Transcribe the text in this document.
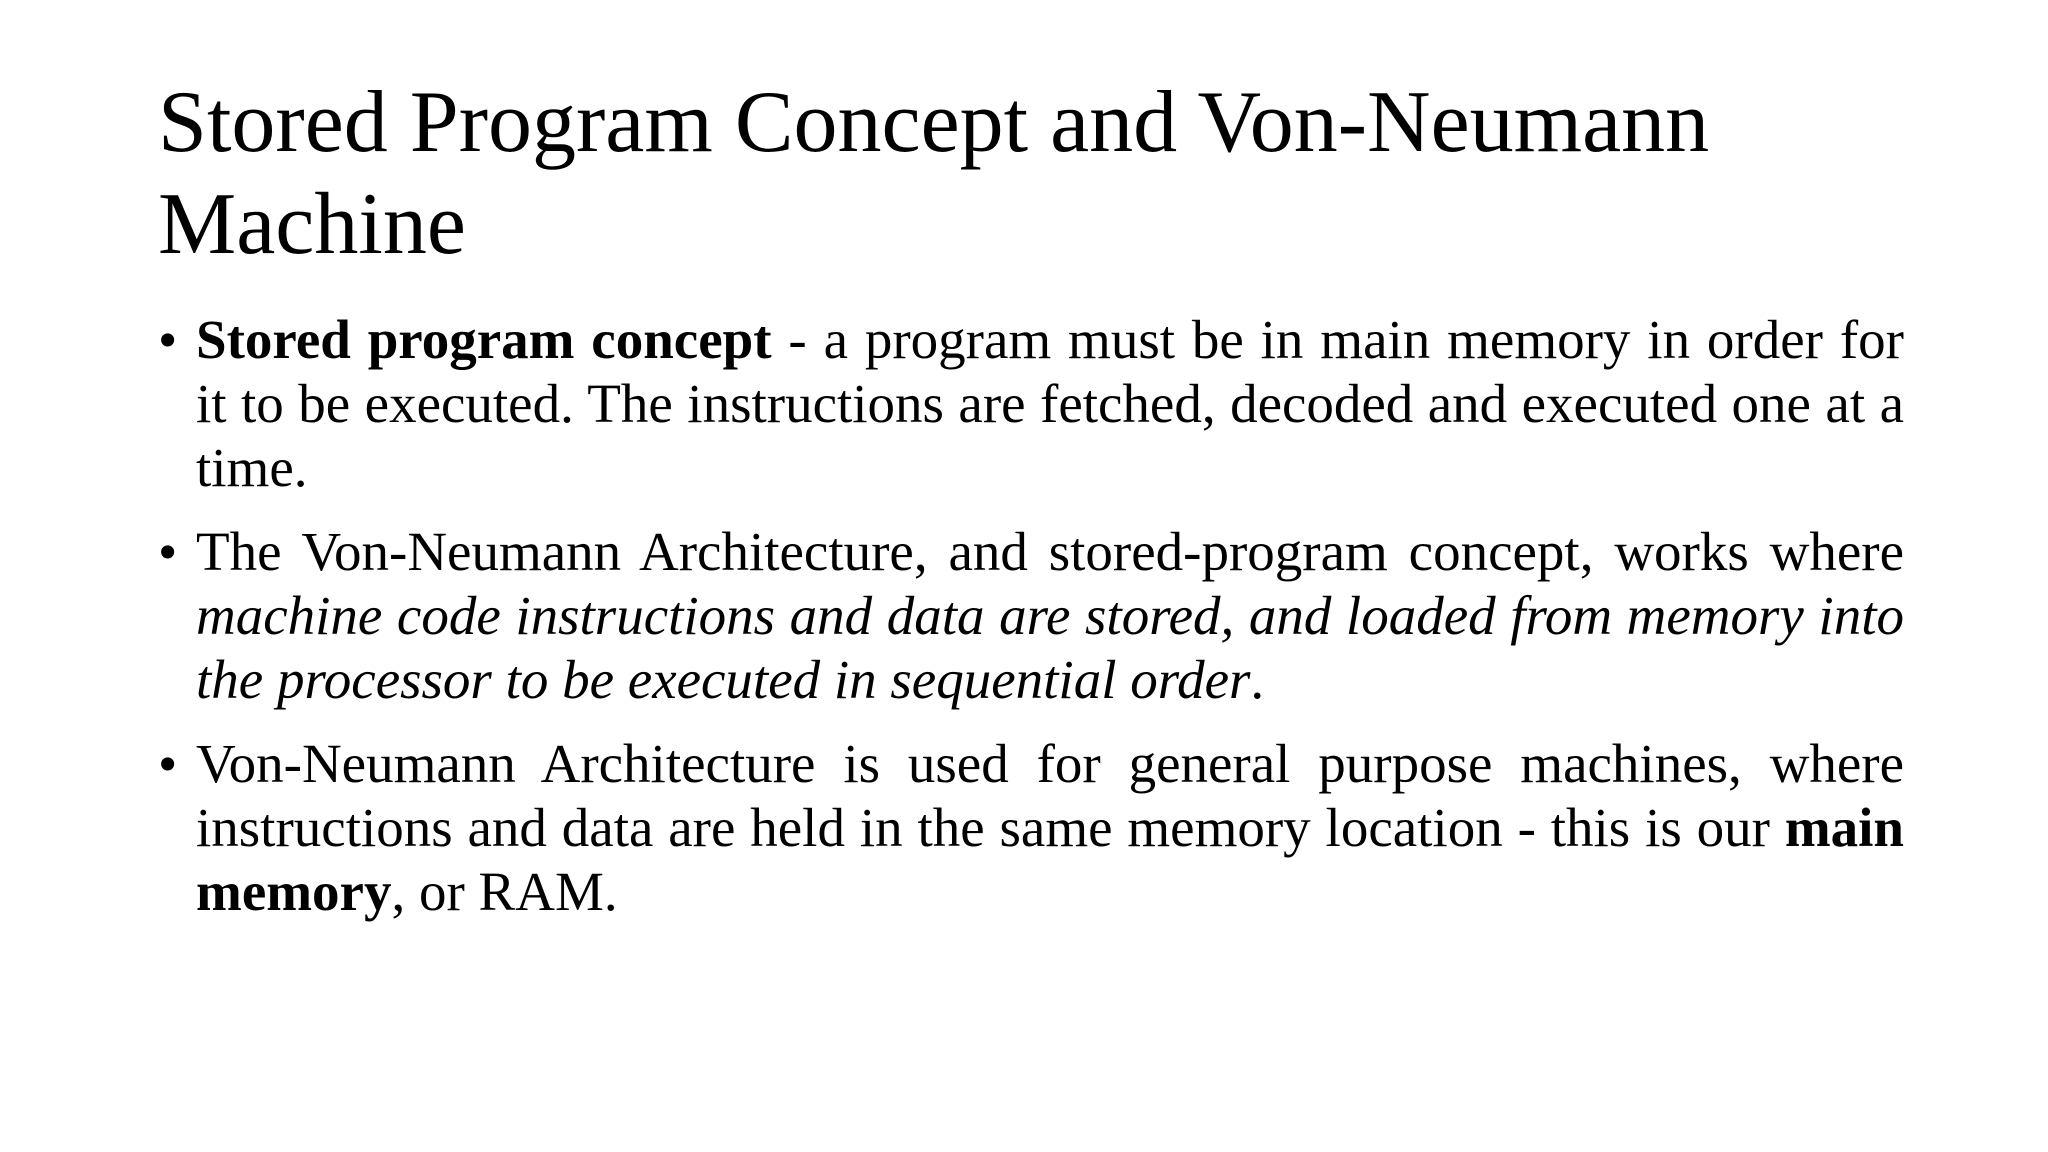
Stored Program Concept and Von-Neumann Machine
• Stored program concept - a program must be in main memory in order for it to be executed. The instructions are fetched, decoded and executed one at a time.
• The Von-Neumann Architecture, and stored-program concept, works where machine code instructions and data are stored, and loaded from memory into the processor to be executed in sequential order.
• Von-Neumann Architecture is used for general purpose machines, where instructions and data are held in the same memory location - this is our main memory, or RAM.
